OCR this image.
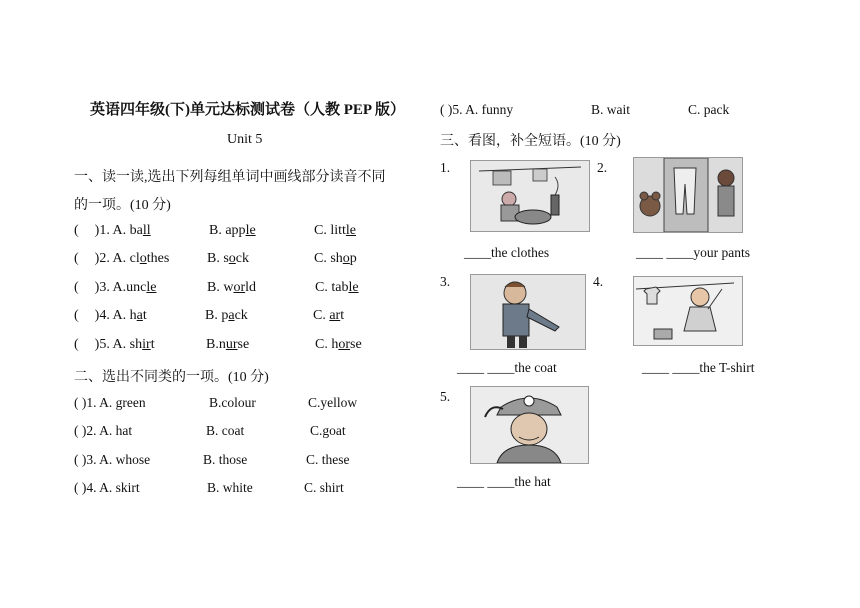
英语四年级(下)单元达标测试卷（人教 PEP 版）
Unit 5
一、读一读,选出下列每组单词中画线部分读音不同
的一项。(10 分)
( )1. A. ball	B. apple	C. little
( )2. A. clothes	B. sock	C. shop
( )3. A.uncle	B. world	C. table
( )4. A. hat	B. pack	C. art
( )5. A. shirt	B.nurse	C. horse
二、选出不同类的一项。(10 分)
( )1. A. green	B.colour	C.yellow
( )2. A. hat	B. coat	C.goat
( )3. A. whose	B. those	C. these
( )4. A. skirt	B. white	C. shirt
( )5. A. funny	B. wait	C. pack
三、看图，补全短语。(10 分)
1.
____the clothes
2.
____ ____your pants
3.
____ ____the coat
4.
____ ____the T-shirt
5.
____ ____the hat
